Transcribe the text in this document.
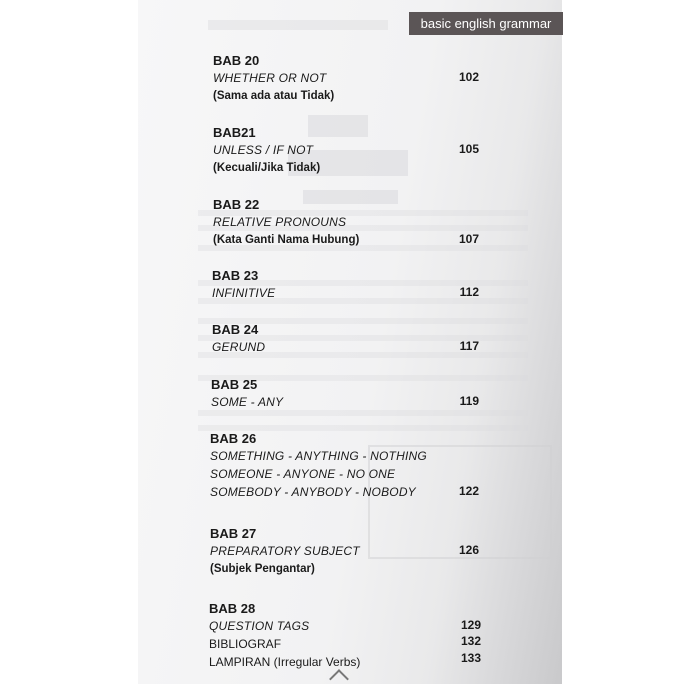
basic english grammar
BAB 20
WHETHER OR NOT	102
(Sama ada atau Tidak)
BAB21
UNLESS / IF NOT	105
(Kecuali/Jika Tidak)
BAB 22
RELATIVE PRONOUNS
(Kata Ganti Nama Hubung)	107
BAB 23
INFINITIVE	112
BAB 24
GERUND	117
BAB 25
SOME - ANY	119
BAB 26
SOMETHING - ANYTHING - NOTHING
SOMEONE - ANYONE - NO ONE
SOMEBODY - ANYBODY - NOBODY	122
BAB 27
PREPARATORY SUBJECT	126
(Subjek Pengantar)
BAB 28
QUESTION TAGS	129
BIBLIOGRAF	132
LAMPIRAN (Irregular Verbs)	133
